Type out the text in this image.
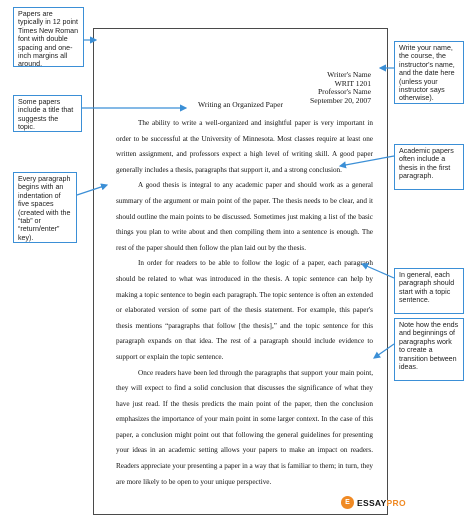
Writer's Name
WRIT 1201
Professor's Name
September 20, 2007
Writing an Organized Paper

The ability to write a well-organized and insightful paper is very important in order to be successful at the University of Minnesota. Most classes require at least one written assignment, and professors expect a high level of writing skill. A good paper generally includes a thesis, paragraphs that support it, and a strong conclusion.

A good thesis is integral to any academic paper and should work as a general summary of the argument or main point of the paper. The thesis needs to be clear, and it should outline the main points to be discussed. Sometimes just making a list of the basic things you plan to write about and then compiling them into a sentence is enough. The rest of the paper should then follow the plan laid out by the thesis.

In order for readers to be able to follow the logic of a paper, each paragraph should be related to what was introduced in the thesis. A topic sentence can help by making a topic sentence to begin each paragraph. The topic sentence is often an extended or elaborated version of some part of the thesis statement. For example, this paper's thesis mentions “paragraphs that follow [the thesis],” and the topic sentence for this paragraph expands on that idea. The rest of a paragraph should include evidence to support or explain the topic sentence.

Once readers have been led through the paragraphs that support your main point, they will expect to find a solid conclusion that discusses the significance of what they have just read. If the thesis predicts the main point of the paper, then the conclusion emphasizes the importance of your main point in some larger context. In the case of this paper, a conclusion might point out that following the general guidelines for presenting your ideas in an academic setting allows your papers to make an impact on readers. Readers appreciate your presenting a paper in a way that is familiar to them; in turn, they are more likely to be open to your unique perspective.

Papers are typically in 12 point Times New Roman font with double spacing and one-inch margins all around.
Some papers include a title that suggests the topic.
Every paragraph begins with an indentation of five spaces (created with the “tab” or “return/enter” key).
Write your name, the course, the instructor's name, and the date here (unless your instructor says otherwise).
Academic papers often include a thesis in the first paragraph.
In general, each paragraph should start with a topic sentence.
Note how the ends and beginnings of paragraphs work to create a transition between ideas.
E ESSAYPRO
